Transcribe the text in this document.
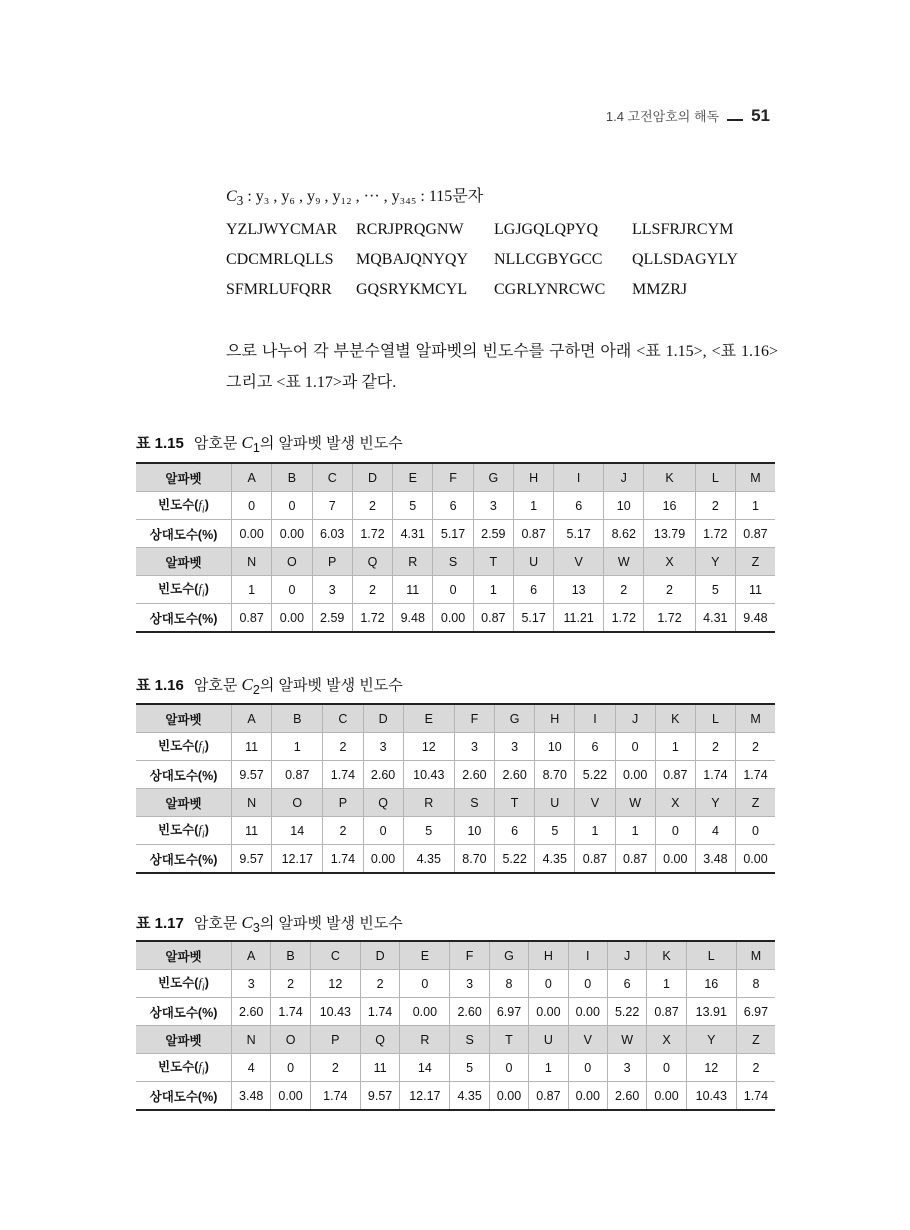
1.4 고전암호의 해독 51
$C_3$ : y₃ , y₆ , y₉ , y₁₂ , ··· , y₃₄₅ : 115문자
YZLJWYCMAR	RCRJPRQGNW	LGJGQLQPYQ	LLSFRJRCYM
CDCMRLQLLS	MQBAJQNYQY	NLLCGBYGCC	QLLSDAGYLY
SFMRLUFQRR	GQSRYKMCYL	CGRLYNRCWC	MMZRJ
으로 나누어 각 부분수열별 알파벳의 빈도수를 구하면 아래 <표 1.15>, <표 1.16> 그리고 <표 1.17>과 같다.
표 1.15 암호문 $C_1$의 알파벳 발생 빈도수
알파벳	A	B	C	D	E	F	G	H	I	J	K	L	M
빈도수$(f_i)$	0	0	7	2	5	6	3	1	6	10	16	2	1
상대도수(%)	0.00	0.00	6.03	1.72	4.31	5.17	2.59	0.87	5.17	8.62	13.79	1.72	0.87
알파벳	N	O	P	Q	R	S	T	U	V	W	X	Y	Z
빈도수$(f_i)$	1	0	3	2	11	0	1	6	13	2	2	5	11
상대도수(%)	0.87	0.00	2.59	1.72	9.48	0.00	0.87	5.17	11.21	1.72	1.72	4.31	9.48
표 1.16 암호문 $C_2$의 알파벳 발생 빈도수
알파벳	A	B	C	D	E	F	G	H	I	J	K	L	M
빈도수$(f_i)$	11	1	2	3	12	3	3	10	6	0	1	2	2
상대도수(%)	9.57	0.87	1.74	2.60	10.43	2.60	2.60	8.70	5.22	0.00	0.87	1.74	1.74
알파벳	N	O	P	Q	R	S	T	U	V	W	X	Y	Z
빈도수$(f_i)$	11	14	2	0	5	10	6	5	1	1	0	4	0
상대도수(%)	9.57	12.17	1.74	0.00	4.35	8.70	5.22	4.35	0.87	0.87	0.00	3.48	0.00
표 1.17 암호문 $C_3$의 알파벳 발생 빈도수
알파벳	A	B	C	D	E	F	G	H	I	J	K	L	M
빈도수$(f_i)$	3	2	12	2	0	3	8	0	0	6	1	16	8
상대도수(%)	2.60	1.74	10.43	1.74	0.00	2.60	6.97	0.00	0.00	5.22	0.87	13.91	6.97
알파벳	N	O	P	Q	R	S	T	U	V	W	X	Y	Z
빈도수$(f_i)$	4	0	2	11	14	5	0	1	0	3	0	12	2
상대도수(%)	3.48	0.00	1.74	9.57	12.17	4.35	0.00	0.87	0.00	2.60	0.00	10.43	1.74
